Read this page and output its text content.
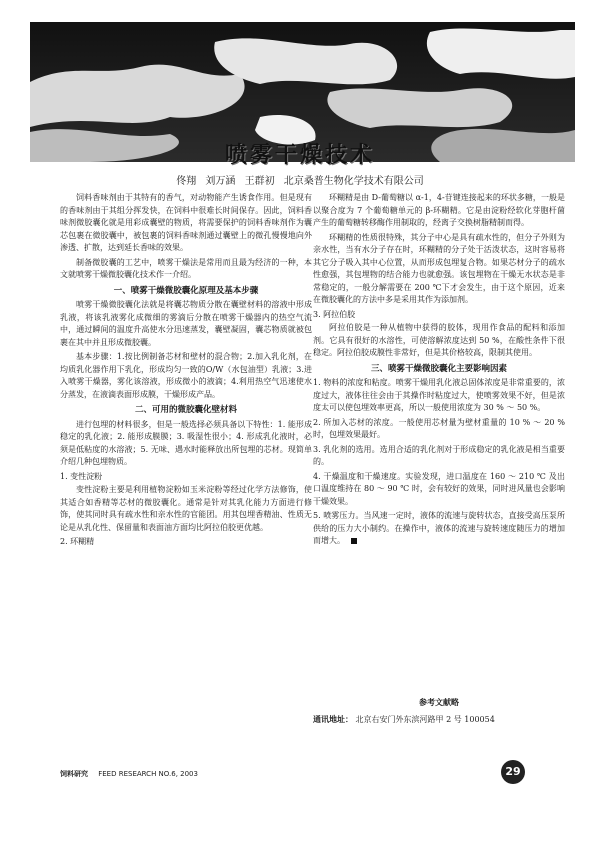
喷雾干燥技术
佟翔 刘万涵 王群初 北京桑普生物化学技术有限公司

饲料香味剂由于其特有的香气，对动物能产生诱食作用。但是现有的香味剂由于其组分挥发快，在饲料中很难长时间保存。因此，饲料香味剂微胶囊化就是用彩成囊壁的物质，将需要保护的饲料香味剂作为囊芯包裹在微胶囊中，被包裹的饲料香味剂通过囊壁上的微孔慢慢地向外渗透、扩散，达到延长香味的效果。

制备微胶囊的工艺中，喷雾干燥法是常用而且最为经济的一种，本文就喷雾干燥微胶囊化技术作一介绍。

一、喷雾干燥微胶囊化原理及基本步骤

喷雾干燥微胶囊化法就是将囊芯物质分散在囊壁材料的溶液中形成乳液，将该乳液雾化成微细的雾滴后分散在喷雾干燥器内的热空气流中，通过瞬间的温度升高使水分迅速蒸发，囊壁凝固，囊芯物质就被包裹在其中并且形成微胶囊。

基本步骤：1.按比例制备芯材和壁材的混合物；2.加入乳化剂，在均质乳化器作用下乳化，形成均匀一致的O/W（水包油型）乳液；3.进入喷雾干燥器，雾化该溶液，形成微小的液滴；4.利用热空气迅速使水分蒸发，在液滴表面形成膜，干燥形成产品。

二、可用的微胶囊化壁材料

进行包埋的材料很多，但是一般选择必须具备以下特性：1. 能形成稳定的乳化液；2. 能形成膜膜；3. 吸湿性很小；4. 形成乳化液时，必须是低粘度的水溶液；5. 无味、遇水时能释放出所包埋的芯材。现简单介绍几种包埋物质。

1. 变性淀粉

变性淀粉主要是利用植物淀粉如玉米淀粉等经过化学方法修饰，使其适合如香精等芯材的微胶囊化。通常是针对其乳化能力方面进行修饰，使其同时具有疏水性和亲水性的官能团。用其包埋香精油、性质无论是从乳化性、保留量和表面油方面均比阿拉伯胶更优越。

2. 环糊精

环糊精是由 D-葡萄糖以 α-1，4-苷键连接起来的环状多糖，一般是以聚合度为 7 个葡萄糖单元的 β-环糊精。它是由淀粉经软化芽胞杆菌产生的葡萄糖转移酶作用制取的，经离子交换树脂精制而得。

环糊精的性质很特殊，其分子中心是具有疏水性的，但分子外则为亲水性，当有水分子存在时，环糊精的分子处于活泼状态，这时容易将其它分子吸入其中心位置，从而形成包埋复合物。如果芯材分子的疏水性愈强，其包埋物的结合能力也就愈强。该包埋物在干燥无水状态是非常稳定的，一般分解需要在 200 ℃下才会发生，由于这个原因，近来在微胶囊化的方法中多是采用其作为添加剂。

3. 阿拉伯胶

阿拉伯胶是一种从植物中获得的胶体，现用作食品的配料和添加剂。它具有很好的水溶性，可使溶解浓度达到 50 %，在酸性条件下很稳定。阿拉伯胶成膜性非常好，但是其价格较高，限制其使用。

三、喷雾干燥微胶囊化主要影响因素

1. 物料的浓度和粘度。喷雾干燥用乳化液总固体浓度是非常重要的，浓度过大，液体往往会由于其操作时粘度过大，使喷雾效果不好，但是浓度太可以使包埋效率更高，所以一般使用浓度为 30 % ～ 50 %。

2. 所加入芯材的浓度。一般使用芯材量为壁材重量的 10 % ～ 20 % 时，包埋效果最好。

3. 乳化剂的选用。选用合适的乳化剂对于形成稳定的乳化液是相当重要的。

4. 干燥温度和干燥速度。实验发现，进口温度在 160 ～ 210 ℃ 及出口温度维持在 80 ～ 90 ℃ 时，会有较好的效果，同时进风量也会影响干燥效果。

5. 喷雾压力。当风速一定时，液体的流速与旋转状态，直接受高压泵所供给的压力大小制约。在操作中，液体的流速与旋转速度随压力的增加而增大。

参考文献略
通讯地址： 北京右安门外东滨河路甲 2 号 100054
饲料研究 FEED RESEARCH NO.6, 2003	29
